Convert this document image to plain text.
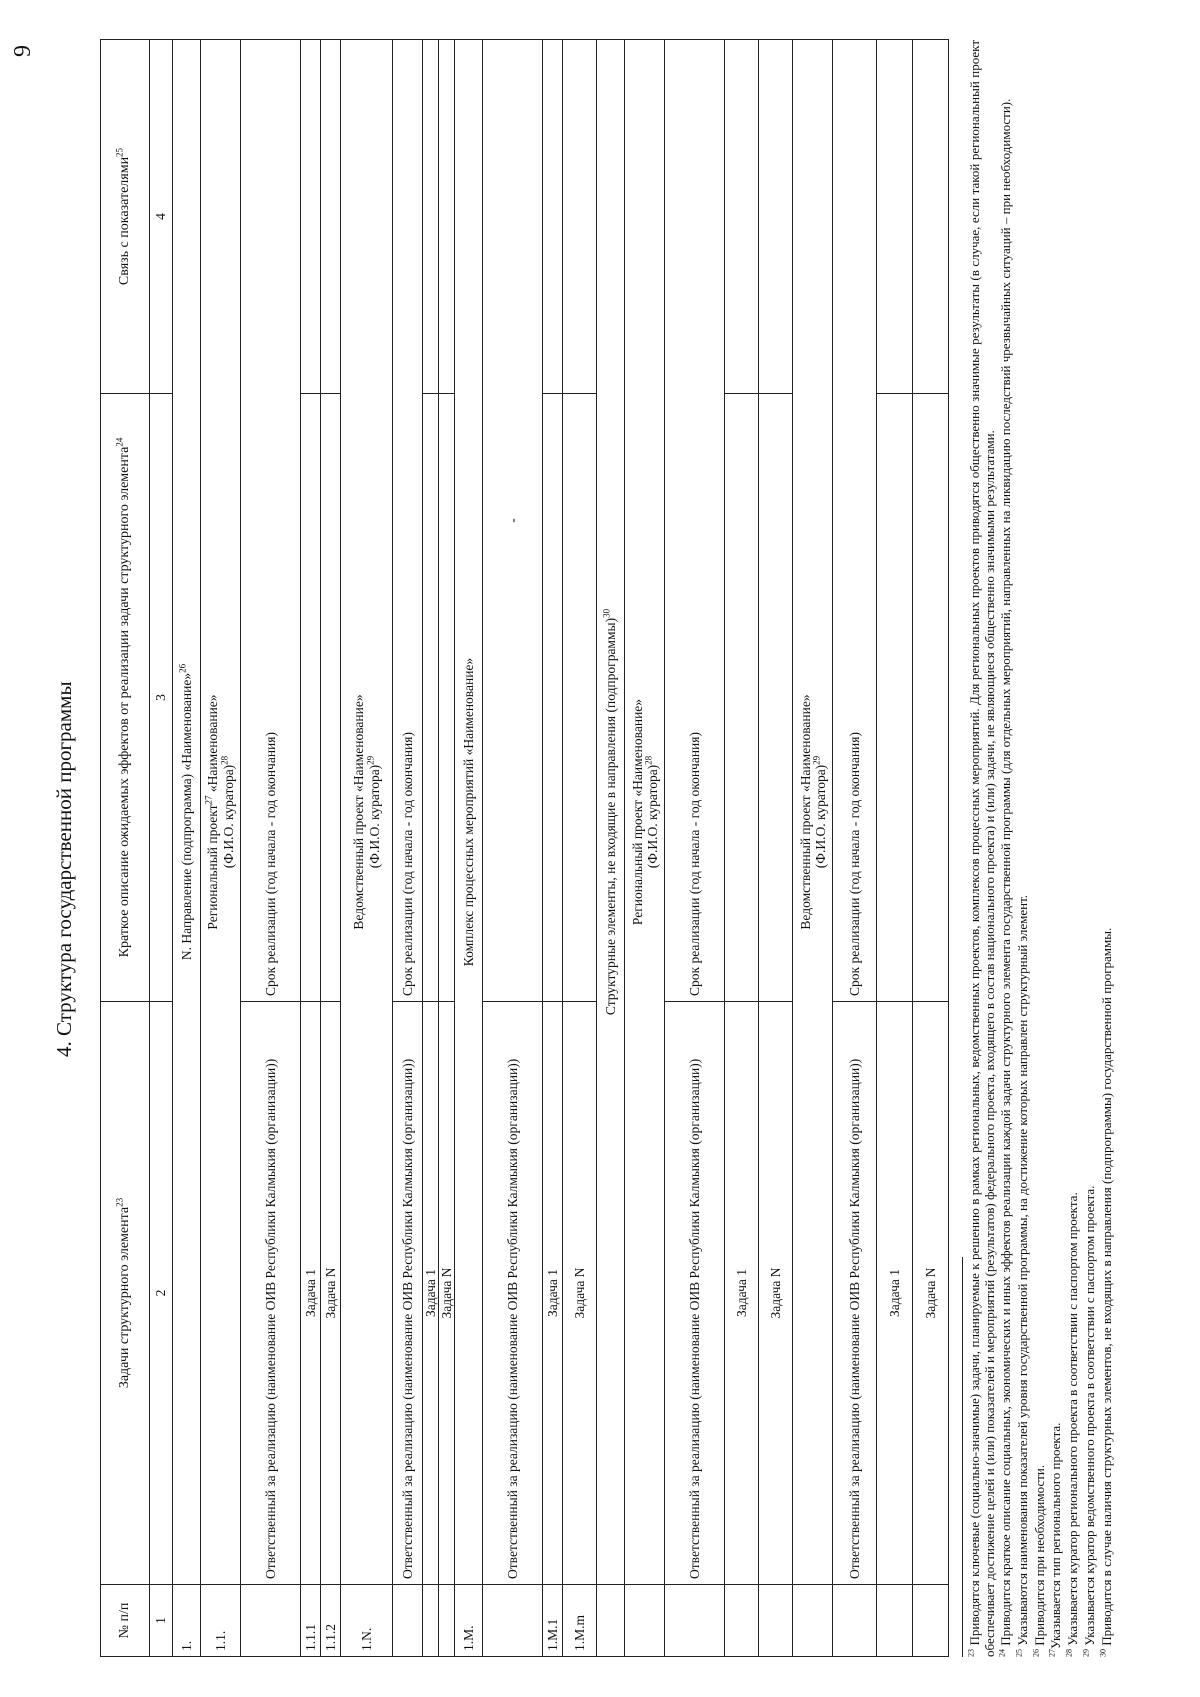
9
4. Структура государственной программы
№ п/п	Задачи структурного элемента$^{23}$	Краткое описание ожидаемых эффектов от реализации задачи структурного элемента$^{24}$	Связь с показателями$^{25}$
1	2	3	4
1.	N. Направление (подпрограмма) «Наименование»$^{26}$
1.1.	Региональный проект$^{27}$ «Наименование»
(Ф.И.О. куратора)$^{28}$
	Ответственный за реализацию (наименование ОИВ Республики Калмыкия (организации))	Срок реализации (год начала - год окончания)	
1.1.1	Задача 1		
1.1.2	Задача N		
1.N.	Ведомственный проект «Наименование»
(Ф.И.О. куратора)$^{29}$
	Ответственный за реализацию (наименование ОИВ Республики Калмыкия (организации))	Срок реализации (год начала - год окончания)	
	Задача 1		
	Задача N		
1.М.	Комплекс процессных мероприятий «Наименование»		
	Ответственный за реализацию (наименование ОИВ Республики Калмыкия (организации))	-	
1.М.1	Задача 1		
1.М.m	Задача N		
	Структурные элементы, не входящие в направления (подпрограммы)$^{30}$
	Региональный проект «Наименование»
(Ф.И.О. куратора)$^{28}$
	Ответственный за реализацию (наименование ОИВ Республики Калмыкия (организации))	Срок реализации (год начала - год окончания)	
	Задача 1		
	Задача N		
	Ведомственный проект «Наименование»
(Ф.И.О. куратора)$^{29}$
	Ответственный за реализацию (наименование ОИВ Республики Калмыкия (организации))	Срок реализации (год начала - год окончания)	
	Задача 1		
	Задача N		

$^{23}$ Приводятся ключевые (социально-значимые) задачи, планируемые к решению в рамках региональных, ведомственных проектов, комплексов процессных мероприятий. Для региональных проектов приводятся общественно значимые результаты (в случае, если такой региональный проект обеспечивает достижение целей и (или) показателей и мероприятий (результатов) федерального проекта, входящего в состав национального проекта) и (или) задачи, не являющиеся общественно значимыми результатами. $^{24}$ Приводится краткое описание социальных, экономических и иных эффектов реализации каждой задачи структурного элемента государственной программы (для отдельных мероприятий, направленных на ликвидацию последствий чрезвычайных ситуаций – при необходимости).

$^{25}$ Указываются наименования показателей уровня государственной программы, на достижение которых направлен структурный элемент.

$^{26}$ Приводится при необходимости.

$^{27}$Указывается тип регионального проекта.

$^{28}$ Указывается куратор регионального проекта в соответствии с паспортом проекта.

$^{29}$ Указывается куратор ведомственного проекта в соответствии с паспортом проекта.

$^{30}$ Приводится в случае наличия структурных элементов, не входящих в направления (подпрограммы) государственной программы.
